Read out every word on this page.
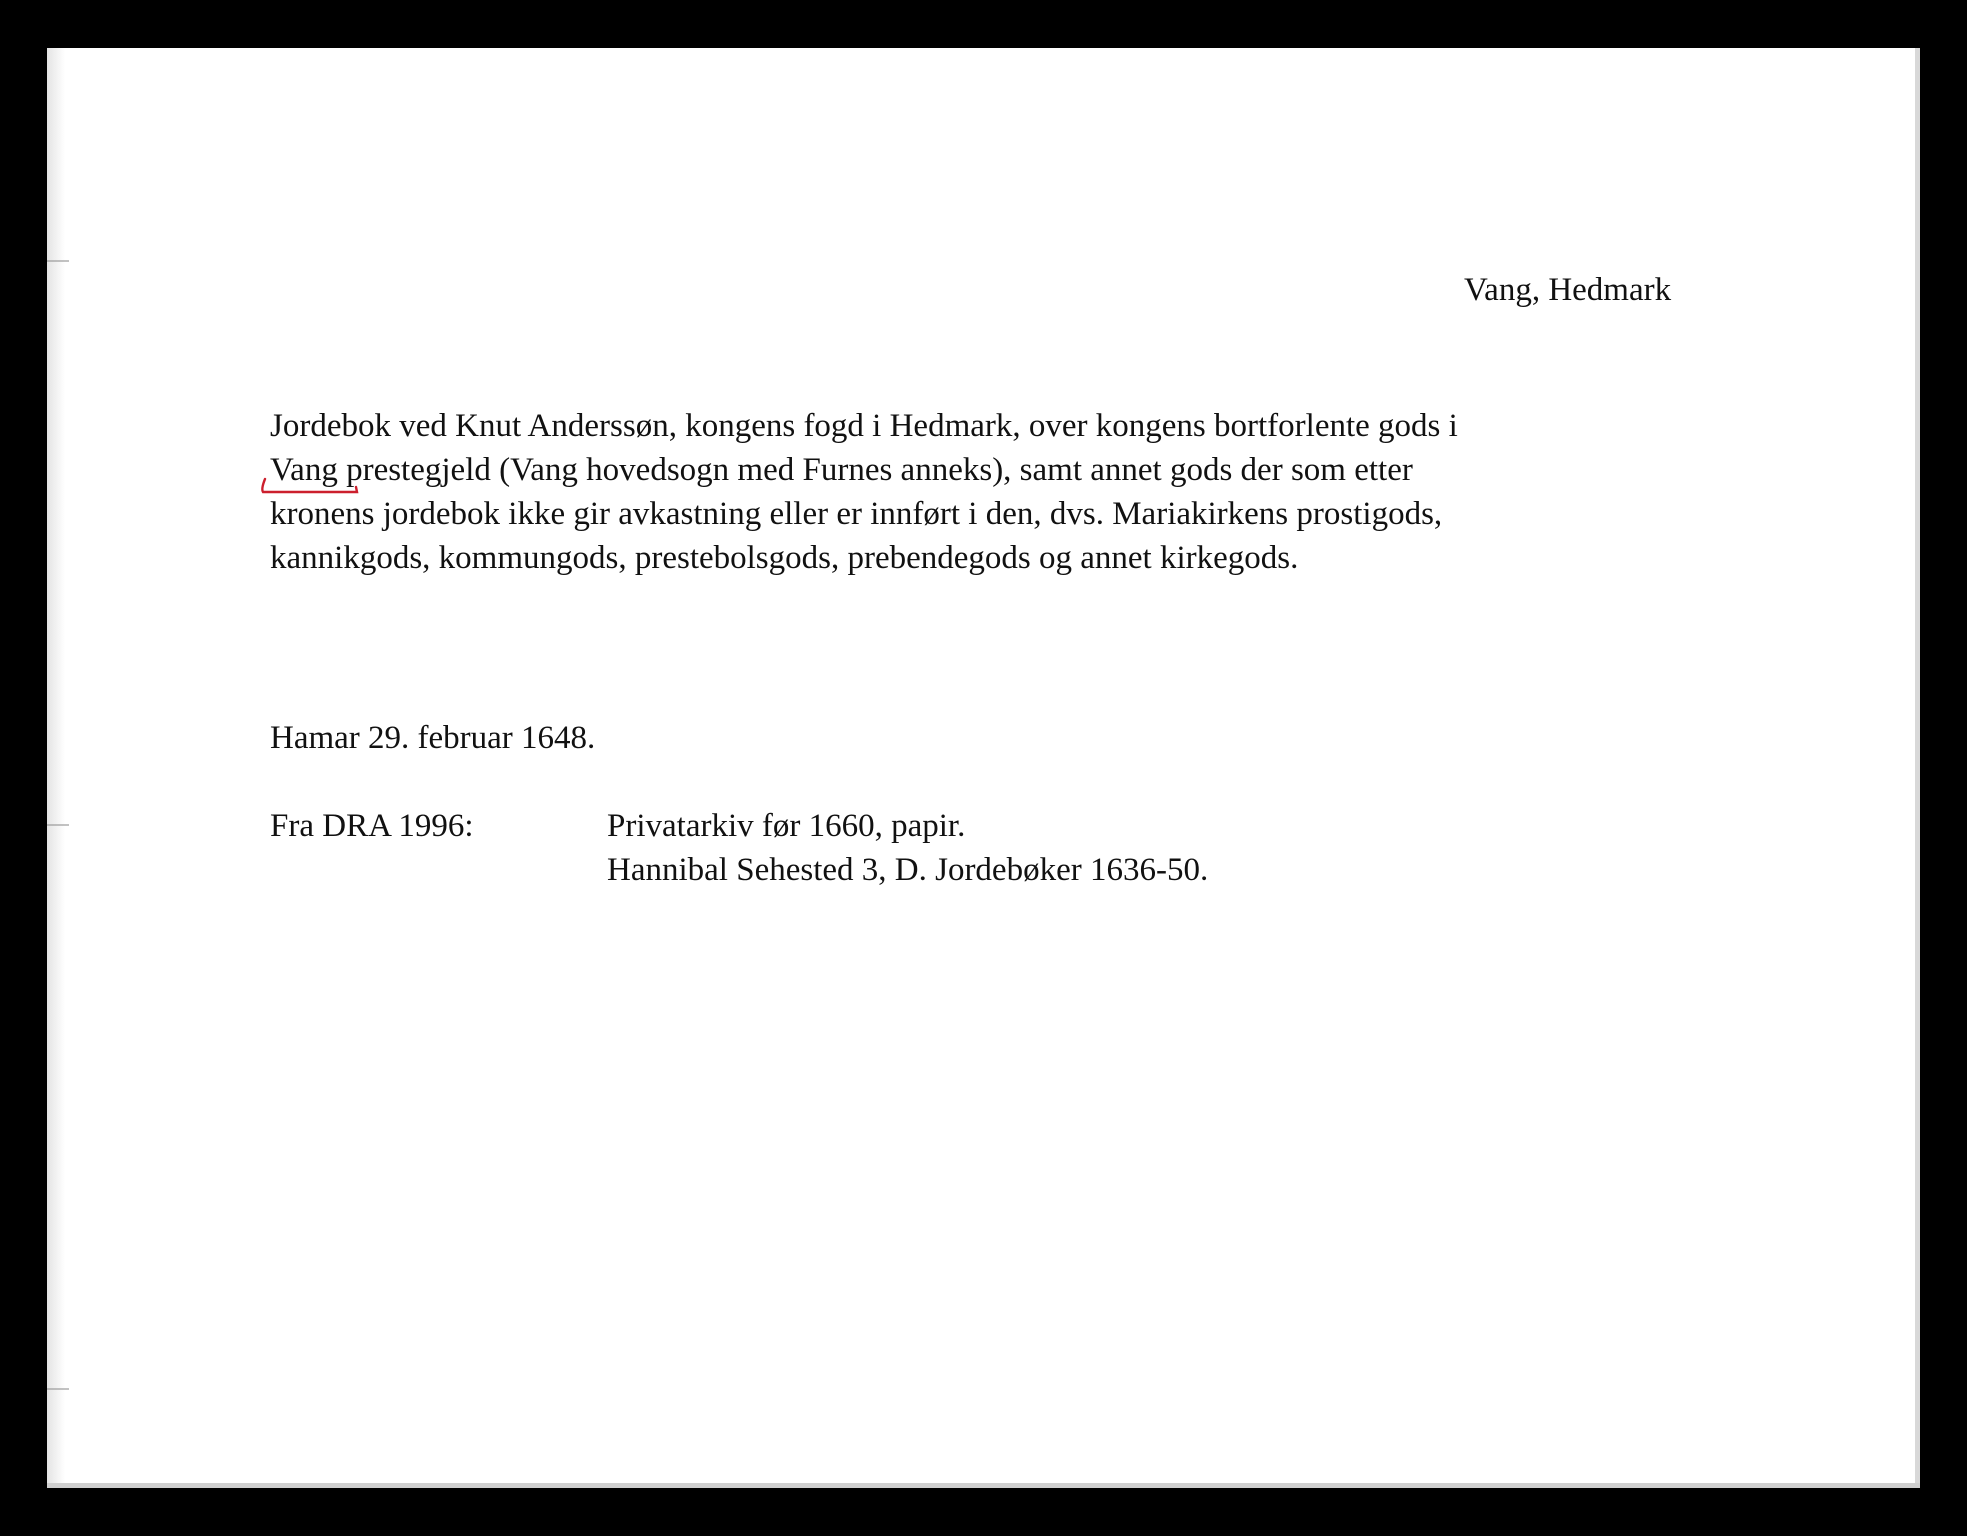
Vang, Hedmark
Jordebok ved Knut Anderssøn, kongens fogd i Hedmark, over kongens bortforlente gods i
Vang
prestegjeld (Vang hovedsogn med Furnes anneks), samt annet gods der som etter
kronens jordebok ikke gir avkastning eller er innført i den, dvs. Mariakirkens prostigods,
kannikgods, kommungods, prestebolsgods, prebendegods og annet kirkegods.
Hamar 29. februar 1648.
Fra DRA 1996:	Privatarkiv før 1660, papir.
Hannibal Sehested 3, D. Jordebøker 1636-50.
